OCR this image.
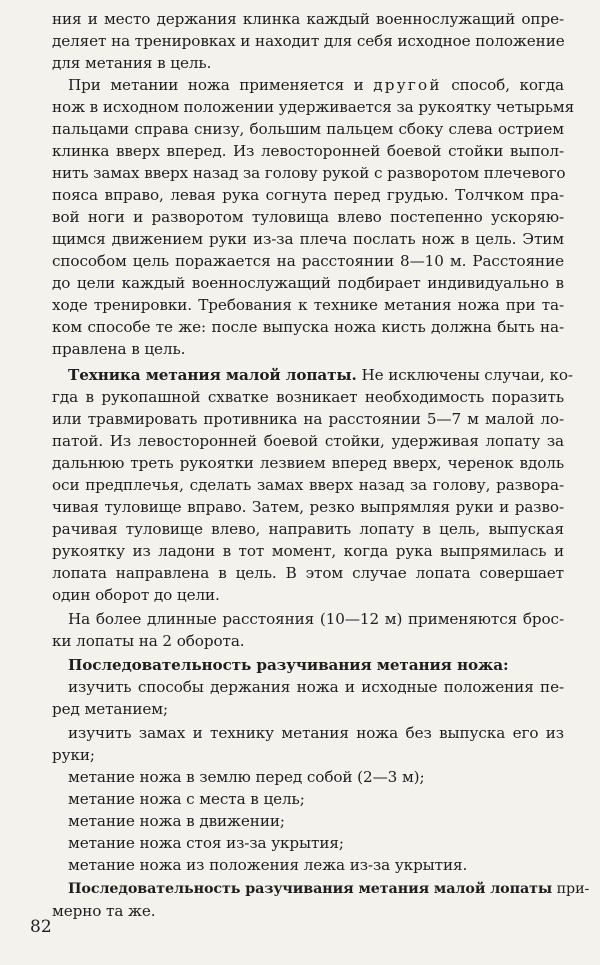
ния и место держания клинка каждый военнослужащий опре-
деляет на тренировках и находит для себя исходное положение
для метания в цель.
При метании ножа применяется и другой способ, когда
нож в исходном положении удерживается за рукоятку четырьмя
пальцами справа снизу, большим пальцем сбоку слева острием
клинка вверх вперед. Из левосторонней боевой стойки выпол-
нить замах вверх назад за голову рукой с разворотом плечевого
пояса вправо, левая рука согнута перед грудью. Толчком пра-
вой ноги и разворотом туловища влево постепенно ускоряю-
щимся движением руки из-за плеча послать нож в цель. Этим
способом цель поражается на расстоянии 8—10 м. Расстояние
до цели каждый военнослужащий подбирает индивидуально в
ходе тренировки. Требования к технике метания ножа при та-
ком способе те же: после выпуска ножа кисть должна быть на-
правлена в цель.
Техника метания малой лопаты. Не исключены случаи, ко-
гда в рукопашной схватке возникает необходимость поразить
или травмировать противника на расстоянии 5—7 м малой ло-
патой. Из левосторонней боевой стойки, удерживая лопату за
дальнюю треть рукоятки лезвием вперед вверх, черенок вдоль
оси предплечья, сделать замах вверх назад за голову, развора-
чивая туловище вправо. Затем, резко выпрямляя руки и разво-
рачивая туловище влево, направить лопату в цель, выпуская
рукоятку из ладони в тот момент, когда рука выпрямилась и
лопата направлена в цель. В этом случае лопата совершает
один оборот до цели.
На более длинные расстояния (10—12 м) применяются брос-
ки лопаты на 2 оборота.
Последовательность разучивания метания ножа:
изучить способы держания ножа и исходные положения пе-
ред метанием;
изучить замах и технику метания ножа без выпуска его из
руки;
метание ножа в землю перед собой (2—3 м);
метание ножа с места в цель;
метание ножа в движении;
метание ножа стоя из-за укрытия;
метание ножа из положения лежа из-за укрытия.
Последовательность разучивания метания малой лопаты при-
мерно та же.
82
